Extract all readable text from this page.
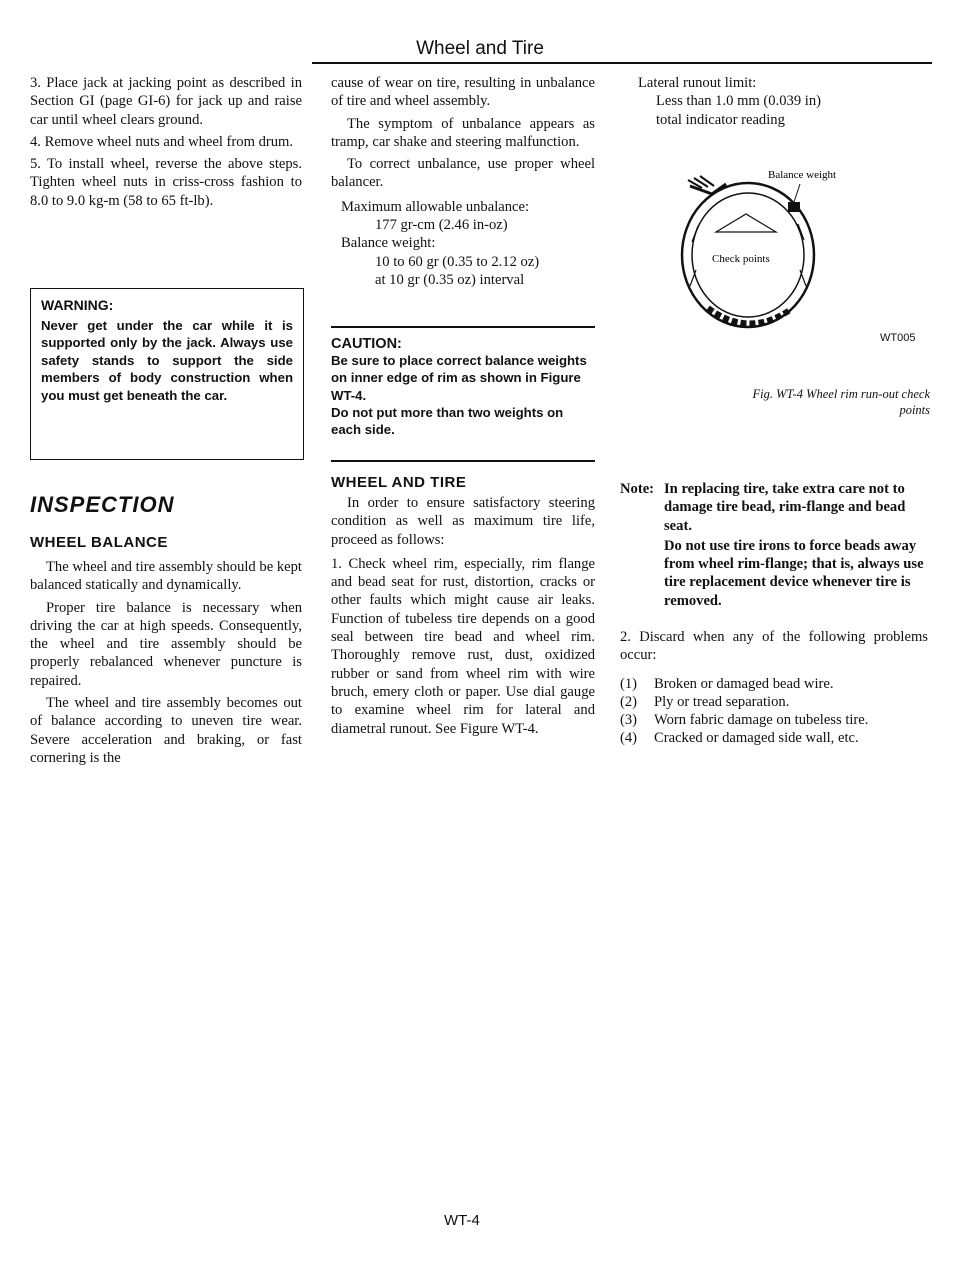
Wheel and Tire

3. Place jack at jacking point as described in Section GI (page GI-6) for jack up and raise car until wheel clears ground.

4. Remove wheel nuts and wheel from drum.

5. To install wheel, reverse the above steps. Tighten wheel nuts in criss-cross fashion to 8.0 to 9.0 kg-m (58 to 65 ft-lb).

WARNING:
Never get under the car while it is supported only by the jack. Always use safety stands to support the side members of body construction when you must get beneath the car.
INSPECTION
WHEEL BALANCE

The wheel and tire assembly should be kept balanced statically and dynamically.

Proper tire balance is necessary when driving the car at high speeds. Consequently, the wheel and tire assembly should be properly rebalanced whenever puncture is repaired.

The wheel and tire assembly becomes out of balance according to uneven tire wear. Severe acceleration and braking, or fast cornering is the

cause of wear on tire, resulting in unbalance of tire and wheel assembly.

The symptom of unbalance appears as tramp, car shake and steering malfunction.

To correct unbalance, use proper wheel balancer.

Maximum allowable unbalance:
177 gr-cm (2.46 in-oz)
Balance weight:
10 to 60 gr (0.35 to 2.12 oz)
at 10 gr (0.35 oz) interval
CAUTION:
Be sure to place correct balance weights on inner edge of rim as shown in Figure WT-4.
Do not put more than two weights on each side.
WHEEL AND TIRE

In order to ensure satisfactory steering condition as well as maximum tire life, proceed as follows:

1. Check wheel rim, especially, rim flange and bead seat for rust, distortion, cracks or other faults which might cause air leaks. Function of tubeless tire depends on a good seal between tire bead and wheel rim. Thoroughly remove rust, dust, oxidized rubber or sand from wheel rim with wire bruch, emery cloth or paper. Use dial gauge to examine wheel rim for lateral and diametral runout. See Figure WT-4.

Lateral runout limit:
Less than 1.0 mm (0.039 in)
total indicator reading
Balance weight
Check points
WT005
Fig. WT-4 Wheel rim run-out check
points
Note: In replacing tire, take extra care not to damage tire bead, rim-flange and bead seat.
Do not use tire irons to force beads away from wheel rim-flange; that is, always use tire replacement device whenever tire is removed.

2. Discard when any of the following problems occur:

(1)	Broken or damaged bead wire.
(2)	Ply or tread separation.
(3)	Worn fabric damage on tubeless tire.
(4)	Cracked or damaged side wall, etc.
WT-4
